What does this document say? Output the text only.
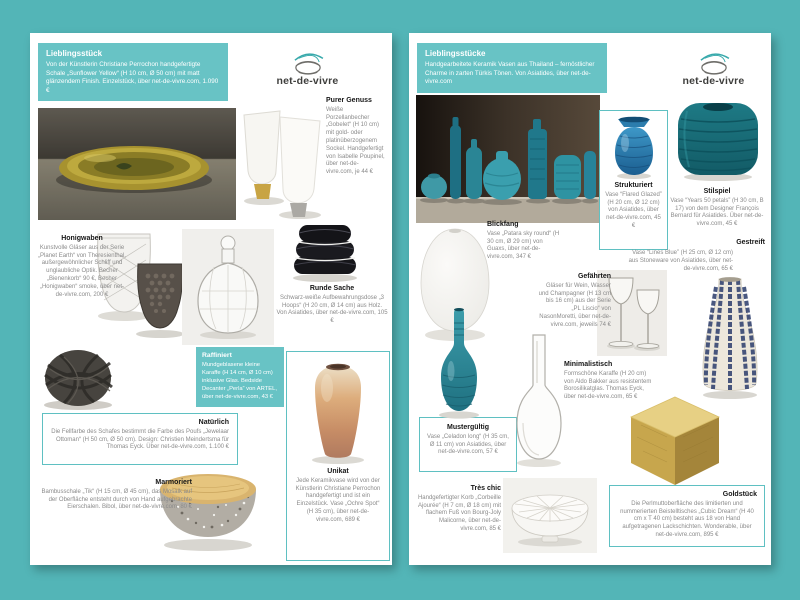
Lieblingsstück
Von der Künstlerin Christiane Perrochon handgefertigte Schale „Sunflower Yellow“ (H 10 cm, Ø 50 cm) mit matt glänzendem Finish. Einzelstück, über net-de-vivre.com, 1.090 €
net-de-vivre
Purer Genuss
Weiße Porzellanbecher „Gobelet“ (H 10 cm) mit gold- oder platinüberzogenem Sockel. Handgefertigt von Isabelle Poupinel, über net-de-vivre.com, je 44 €
Honigwaben
Kunstvolle Gläser aus der Serie „Planet Earth“ von Theresienthal, außergewöhnlicher Schliff und unglaubliche Optik. Becher „Bienenkorb“ 90 €, Becher „Honigwaben“ smoke, über net-de-vivre.com, 200 €
Runde Sache
Schwarz-weiße Aufbewahrungsdose „3 Hoops“ (H 20 cm, Ø 14 cm) aus Holz. Von Asiatides, über net-de-vivre.com, 105 €
Raffiniert
Mundgeblasene kleine Karaffe (H 14 cm, Ø 10 cm) inklusive Glas. Bedside Decanter „Perla“ von ARTEL, über net-de-vivre.com, 43 €
Natürlich
Die Fellfarbe des Schafes bestimmt die Farbe des Poufs „Jewelaar Ottoman“ (H 50 cm, Ø 50 cm). Design: Christien Meindertsma für Thomas Eyck. Über net-de-vivre.com, 1.100 €
Marmoriert
Bambusschale „Tik“ (H 15 cm, Ø 45 cm), das Mosaik auf der Oberfläche entsteht durch von Hand aufgebrachte Eierschalen. Bibol, über net-de-vivre.com, 80 €
Unikat
Jede Keramikvase wird von der Künstlerin Christiane Perrochon handgefertigt und ist ein Einzelstück. Vase „Ochre Spot“ (H 35 cm), über net-de-vivre.com, 689 €
Lieblingsstücke
Handgearbeitete Keramik Vasen aus Thailand – fernöstlicher Charme in zarten Türkis Tönen. Von Asiatides, über net-de-vivre.com	net-de-vivre
Strukturiert
Vase “Flared Glazed” (H 20 cm, Ø 12 cm) von Asiatides, über net-de-vivre.com, 45 €
Stilspiel
Vase “Years 50 petals” (H 30 cm, B 17) von dem Designer François Bernard für Asiatides. Über net-de-vivre.com, 45 €
Blickfang
Vase „Patara sky round“ (H 30 cm, Ø 29 cm) von Guaxs, über net-de-vivre.com, 347 €
Gestreift
Vase “Lines Blue” (H 25 cm, Ø 12 cm) aus Stoneware von Asiatides, über net-de-vivre.com, 65 €
Gefährten
Gläser für Wein, Wasser und Champagner (H 13 cm bis 16 cm) aus der Serie „PL Liscio“ von NasonMoretti, über net-de-vivre.com, jeweils 74 €
Minimalistisch
Formschöne Karaffe (H 20 cm) von Aldo Bakker aus resistentem Borosilikatglas. Thomas Eyck, über net-de-vivre.com, 65 €
Mustergültig
Vase „Celadon long“ (H 35 cm, Ø 11 cm) von Asiatides, über net-de-vivre.com, 57 €
Très chic
Handgefertigter Korb „Corbeille Ajourée“ (H 7 cm, Ø 18 cm) mit flachem Fuß von Bourg-Joly Malicorne, über net-de-vivre.com, 85 €
Goldstück
Die Perlmuttoberfläche des limitierten und nummerierten Beistelltisches „Cubic Dream“ (H 40 cm x T 40 cm) besteht aus 18 von Hand aufgetragenen Lackschichten. Wonderable, über net-de-vivre.com, 895 €
